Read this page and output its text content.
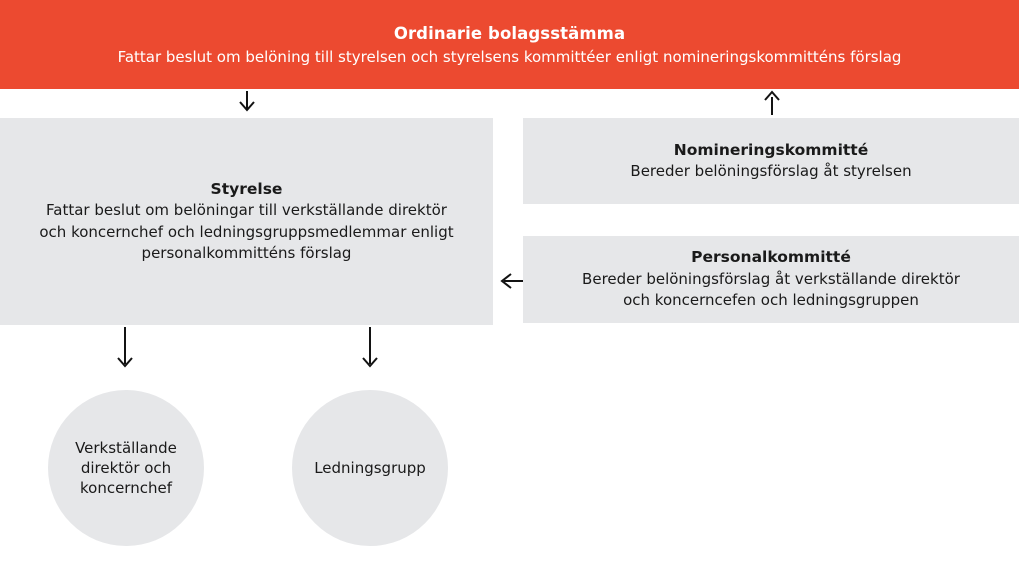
Ordinarie bolagsstämma
Fattar beslut om belöning till styrelsen och styrelsens kommittéer enligt nomineringskommitténs förslag
Styrelse
Fattar beslut om belöningar till verkställande direktör och koncernchef och ledningsgruppsmedlemmar enligt personalkommitténs förslag
Nomineringskommitté
Bereder belöningsförslag åt styrelsen
Personalkommitté
Bereder belöningsförslag åt verkställande direktör och koncerncefen och ledningsgruppen
Verkställande direktör och koncernchef
Ledningsgrupp
